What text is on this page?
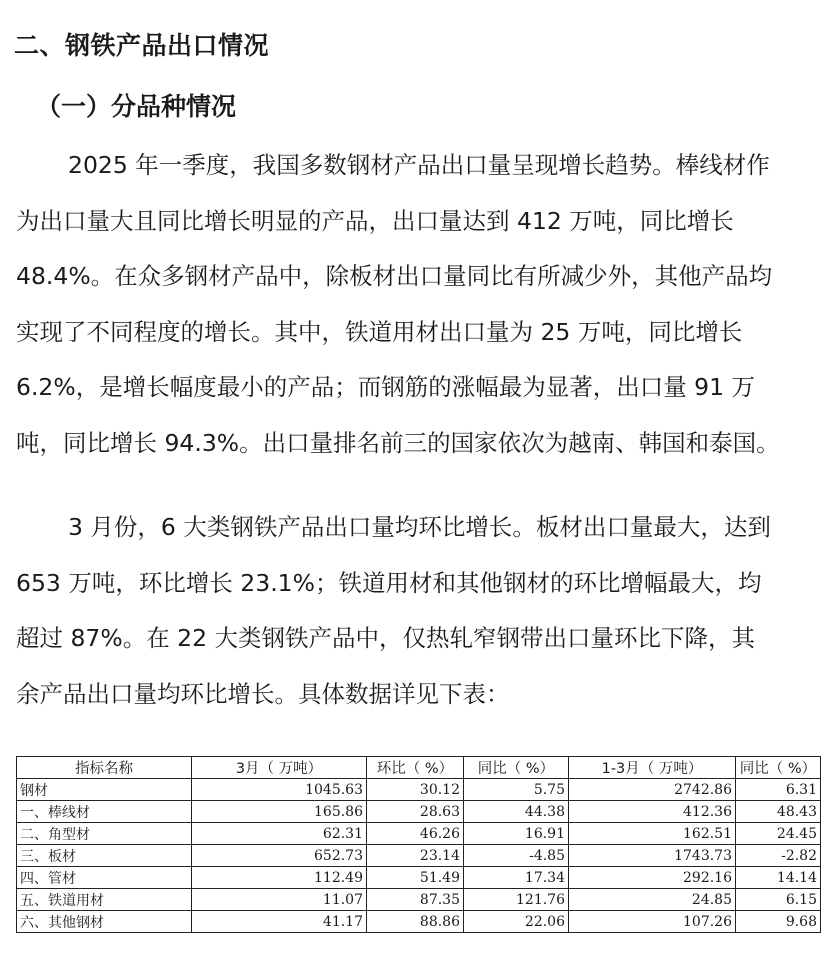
二、钢铁产品出口情况
（一）分品种情况
2025 年一季度，我国多数钢材产品出口量呈现增长趋势。棒线材作
为出口量大且同比增长明显的产品，出口量达到 412 万吨，同比增长
48.4%。在众多钢材产品中，除板材出口量同比有所减少外，其他产品均
实现了不同程度的增长。其中，铁道用材出口量为 25 万吨，同比增长
6.2%，是增长幅度最小的产品；而钢筋的涨幅最为显著，出口量 91 万
吨，同比增长 94.3%。出口量排名前三的国家依次为越南、韩国和泰国。
3 月份，6 大类钢铁产品出口量均环比增长。板材出口量最大，达到
653 万吨，环比增长 23.1%；铁道用材和其他钢材的环比增幅最大，均
超过 87%。在 22 大类钢铁产品中，仅热轧窄钢带出口量环比下降，其
余产品出口量均环比增长。具体数据详见下表：
指标名称	3月（ 万吨）	环比（ %）	同比（ %）	1-3月（ 万吨）	同比（ %）
钢材	1045.63	30.12	5.75	2742.86	6.31
一、棒线材	165.86	28.63	44.38	412.36	48.43
二、角型材	62.31	46.26	16.91	162.51	24.45
三、板材	652.73	23.14	-4.85	1743.73	-2.82
四、管材	112.49	51.49	17.34	292.16	14.14
五、铁道用材	11.07	87.35	121.76	24.85	6.15
六、其他钢材	41.17	88.86	22.06	107.26	9.68
